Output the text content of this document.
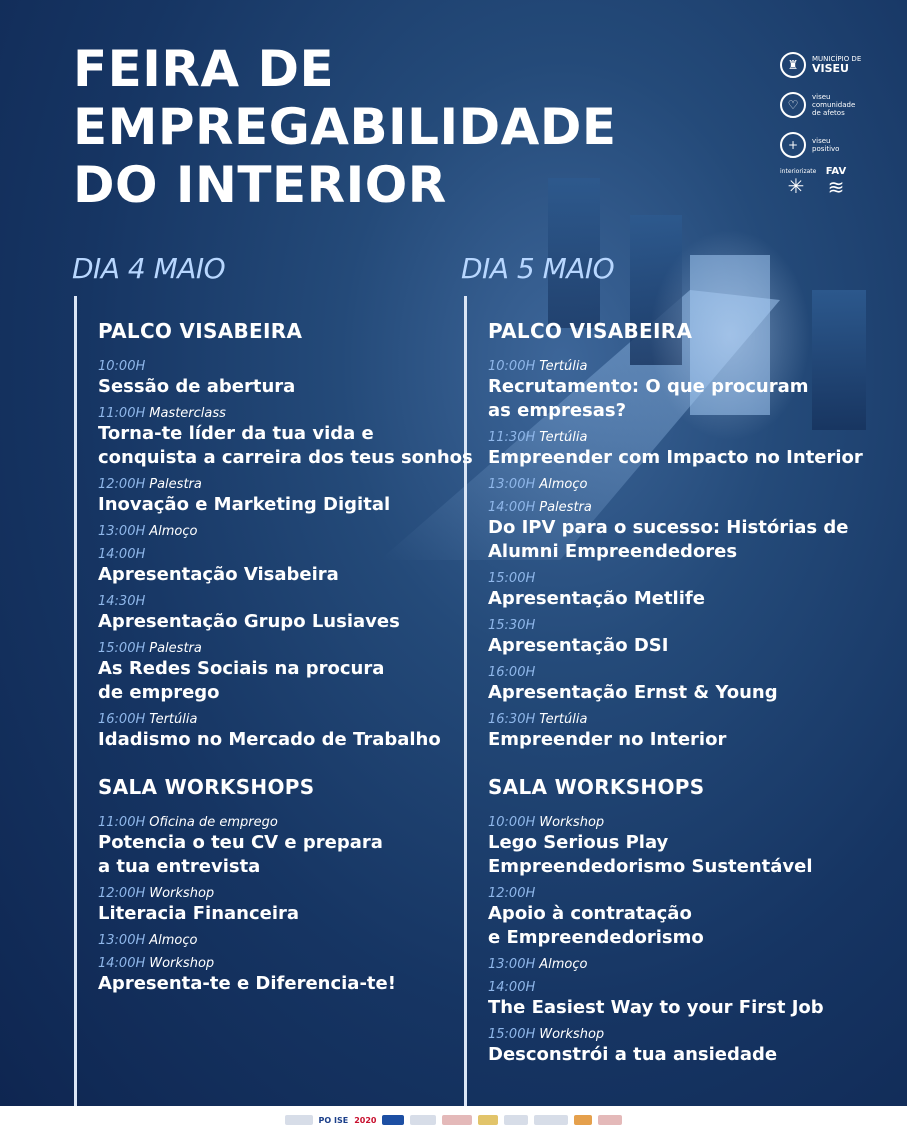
FEIRA DE
EMPREGABILIDADE
DO INTERIOR
♜	MUNICÍPIO DE
VISEU
♡
viseu
comunidade
de afetos
+	viseu
positivo
interiorizate
✳
FAV
≋
DIA 4 MAIO	DIA 5 MAIO
PALCO VISABEIRA
10:00H
Sessão de abertura
11:00H Masterclass
Torna-te líder da tua vida e
conquista a carreira dos teus sonhos
12:00H Palestra
Inovação e Marketing Digital
13:00H Almoço
14:00H
Apresentação Visabeira
14:30H
Apresentação Grupo Lusiaves
15:00H Palestra
As Redes Sociais na procura
de emprego
16:00H Tertúlia
Idadismo no Mercado de Trabalho
SALA WORKSHOPS
11:00H Oficina de emprego
Potencia o teu CV e prepara
a tua entrevista
12:00H Workshop
Literacia Financeira
13:00H Almoço
14:00H Workshop
Apresenta-te e Diferencia-te!
PALCO VISABEIRA
10:00H Tertúlia
Recrutamento: O que procuram
as empresas?
11:30H Tertúlia
Empreender com Impacto no Interior
13:00H Almoço
14:00H Palestra
Do IPV para o sucesso: Histórias de
Alumni Empreendedores
15:00H
Apresentação Metlife
15:30H
Apresentação DSI
16:00H
Apresentação Ernst & Young
16:30H Tertúlia
Empreender no Interior
SALA WORKSHOPS
10:00H Workshop
Lego Serious Play
Empreendedorismo Sustentável
12:00H
Apoio à contratação
e Empreendedorismo
13:00H Almoço
14:00H
The Easiest Way to your First Job
15:00H Workshop
Desconstrói a tua ansiedade
PO ISE 2020
